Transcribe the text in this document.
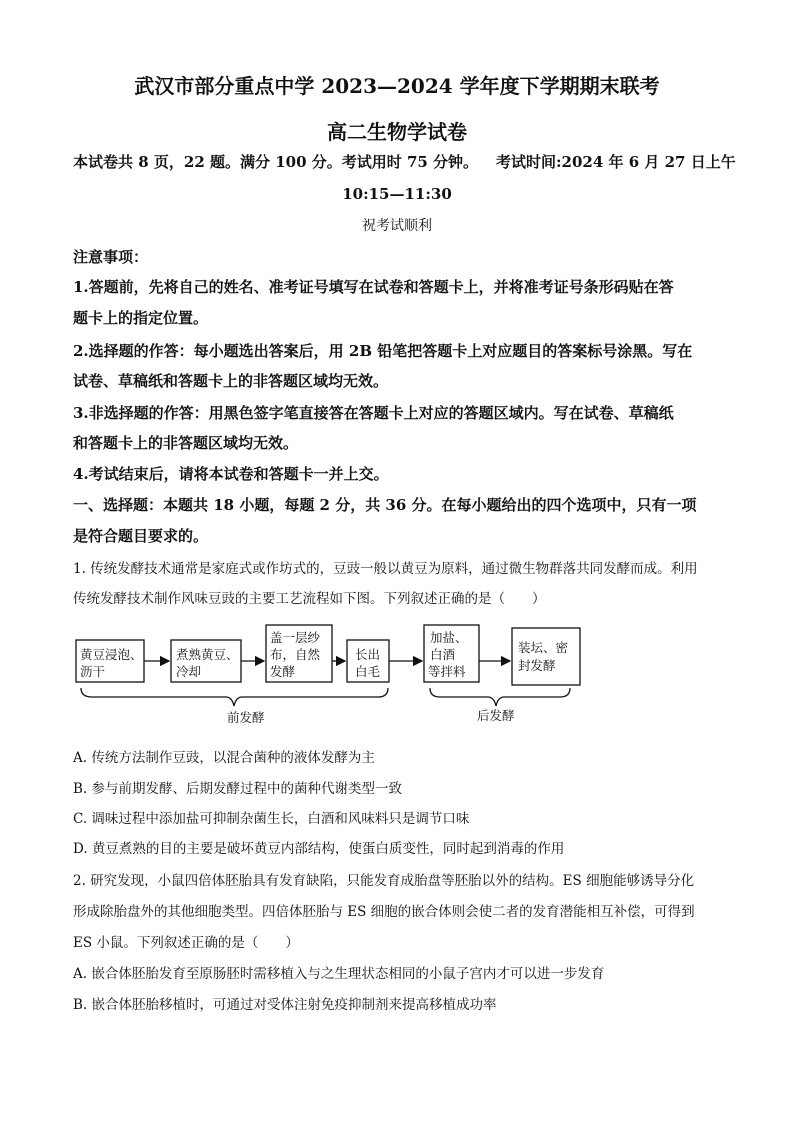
武汉市部分重点中学 2023—2024 学年度下学期期末联考
高二生物学试卷
本试卷共 8 页，22 题。满分 100 分。考试用时 75 分钟。 考试时间:2024 年 6 月 27 日上午
10:15—11:30
祝考试顺利
注意事项：
1.答题前，先将自己的姓名、准考证号填写在试卷和答题卡上，并将准考证号条形码贴在答
题卡上的指定位置。
2.选择题的作答：每小题选出答案后，用 2B 铅笔把答题卡上对应题目的答案标号涂黑。写在
试卷、草稿纸和答题卡上的非答题区域均无效。
3.非选择题的作答：用黑色签字笔直接答在答题卡上对应的答题区域内。写在试卷、草稿纸
和答题卡上的非答题区域均无效。
4.考试结束后，请将本试卷和答题卡一并上交。
一、选择题：本题共 18 小题，每题 2 分，共 36 分。在每小题给出的四个选项中，只有一项
是符合题目要求的。
1. 传统发酵技术通常是家庭式或作坊式的，豆豉一般以黄豆为原料，通过微生物群落共同发酵而成。利用
传统发酵技术制作风味豆豉的主要工艺流程如下图。下列叙述正确的是（　　）
黄豆浸泡、
沥干
煮熟黄豆、
冷却
盖一层纱
布，自然
发酵
长出
白毛
加盐、
白酒
等拌料
装坛、密
封发酵
前发酵	后发酵
A. 传统方法制作豆豉，以混合菌种的液体发酵为主
B. 参与前期发酵、后期发酵过程中的菌种代谢类型一致
C. 调味过程中添加盐可抑制杂菌生长，白酒和风味料只是调节口味
D. 黄豆煮熟的目的主要是破坏黄豆内部结构，使蛋白质变性，同时起到消毒的作用
2. 研究发现，小鼠四倍体胚胎具有发育缺陷，只能发育成胎盘等胚胎以外的结构。ES 细胞能够诱导分化
形成除胎盘外的其他细胞类型。四倍体胚胎与 ES 细胞的嵌合体则会使二者的发育潜能相互补偿，可得到
ES 小鼠。下列叙述正确的是（　　）
A. 嵌合体胚胎发育至原肠胚时需移植入与之生理状态相同的小鼠子宫内才可以进一步发育
B. 嵌合体胚胎移植时，可通过对受体注射免疫抑制剂来提高移植成功率
